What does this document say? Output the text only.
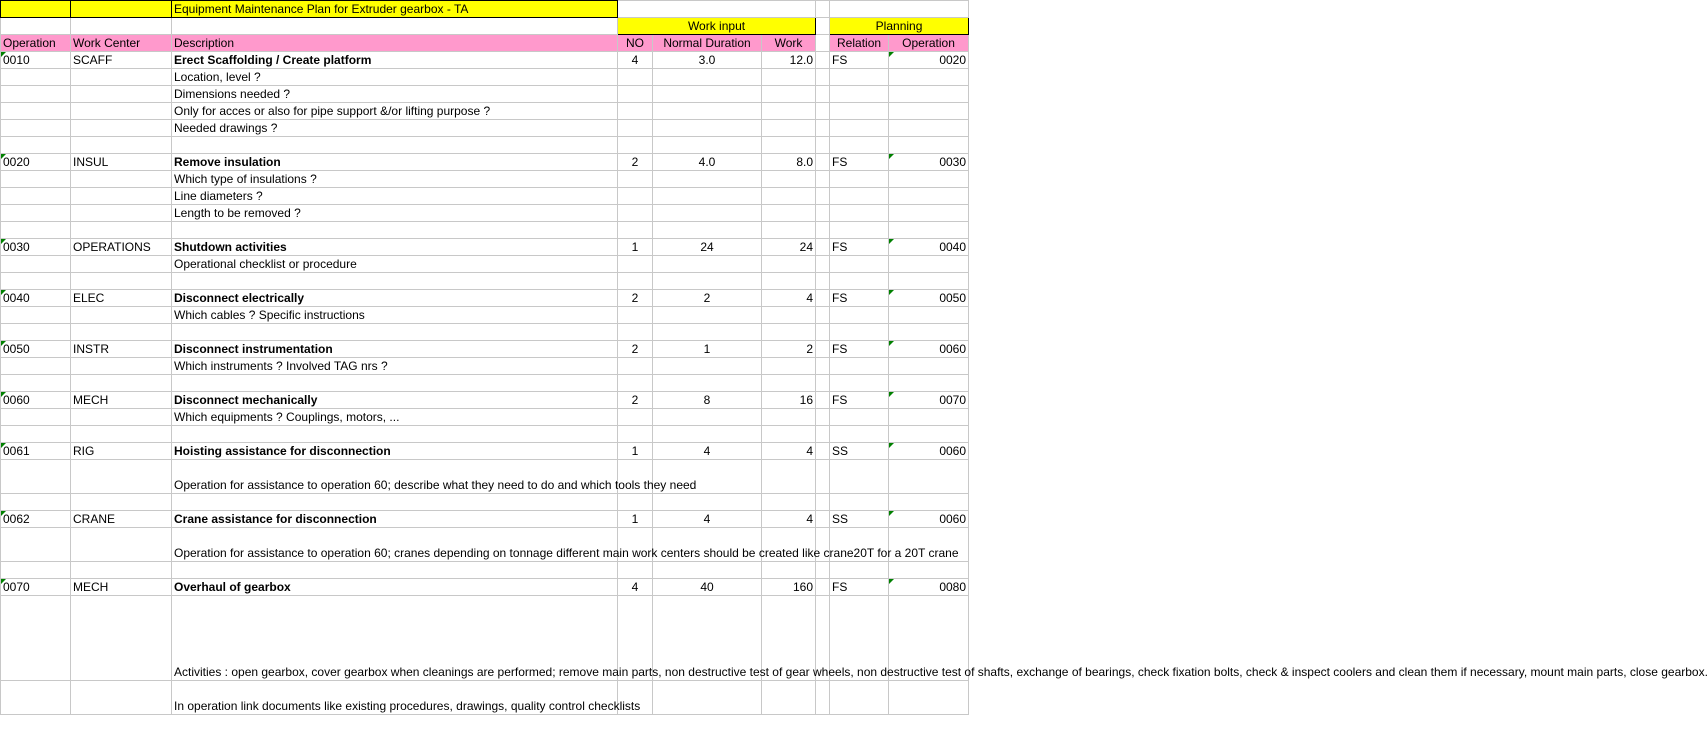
		Equipment Maintenance Plan for Extruder gearbox - TA						
			Work input				Planning	
Operation	Work Center	Description	NO	Normal Duration	Work		Relation	Operation
0010	SCAFF	Erect Scaffolding / Create platform	4	3.0	12.0		FS	0020
		Location, level ?						
		Dimensions needed ?						
		Only for acces or also for pipe support &/or lifting purpose ?						
		Needed drawings ?						

0020	INSUL	Remove insulation	2	4.0	8.0		FS	0030
		Which type of insulations ?						
		Line diameters ?						
		Length to be removed ?						

0030	OPERATIONS	Shutdown activities	1	24	24		FS	0040
		Operational checklist or procedure						

0040	ELEC	Disconnect electrically	2	2	4		FS	0050
		Which cables ? Specific instructions						

0050	INSTR	Disconnect instrumentation	2	1	2		FS	0060
		Which instruments ? Involved TAG nrs ?						

0060	MECH	Disconnect mechanically	2	8	16		FS	0070
		Which equipments ? Couplings, motors, ...						

0061	RIG	Hoisting assistance for disconnection	1	4	4		SS	0060
		Operation for assistance to operation 60; describe what they need to do and which tools they need						

0062	CRANE	Crane assistance for disconnection	1	4	4		SS	0060
		Operation for assistance to operation 60; cranes depending on tonnage different main work centers should be created like crane20T for a 20T crane						

0070	MECH	Overhaul of gearbox	4	40	160		FS	0080
		Activities : open gearbox, cover gearbox when cleanings are performed; remove main parts, non destructive test of gear wheels, non destructive test of shafts, exchange of bearings, check fixation bolts, check & inspect coolers and clean them if necessary, mount main parts, close gearbox.						
		In operation link documents like existing procedures, drawings, quality control checklists						
